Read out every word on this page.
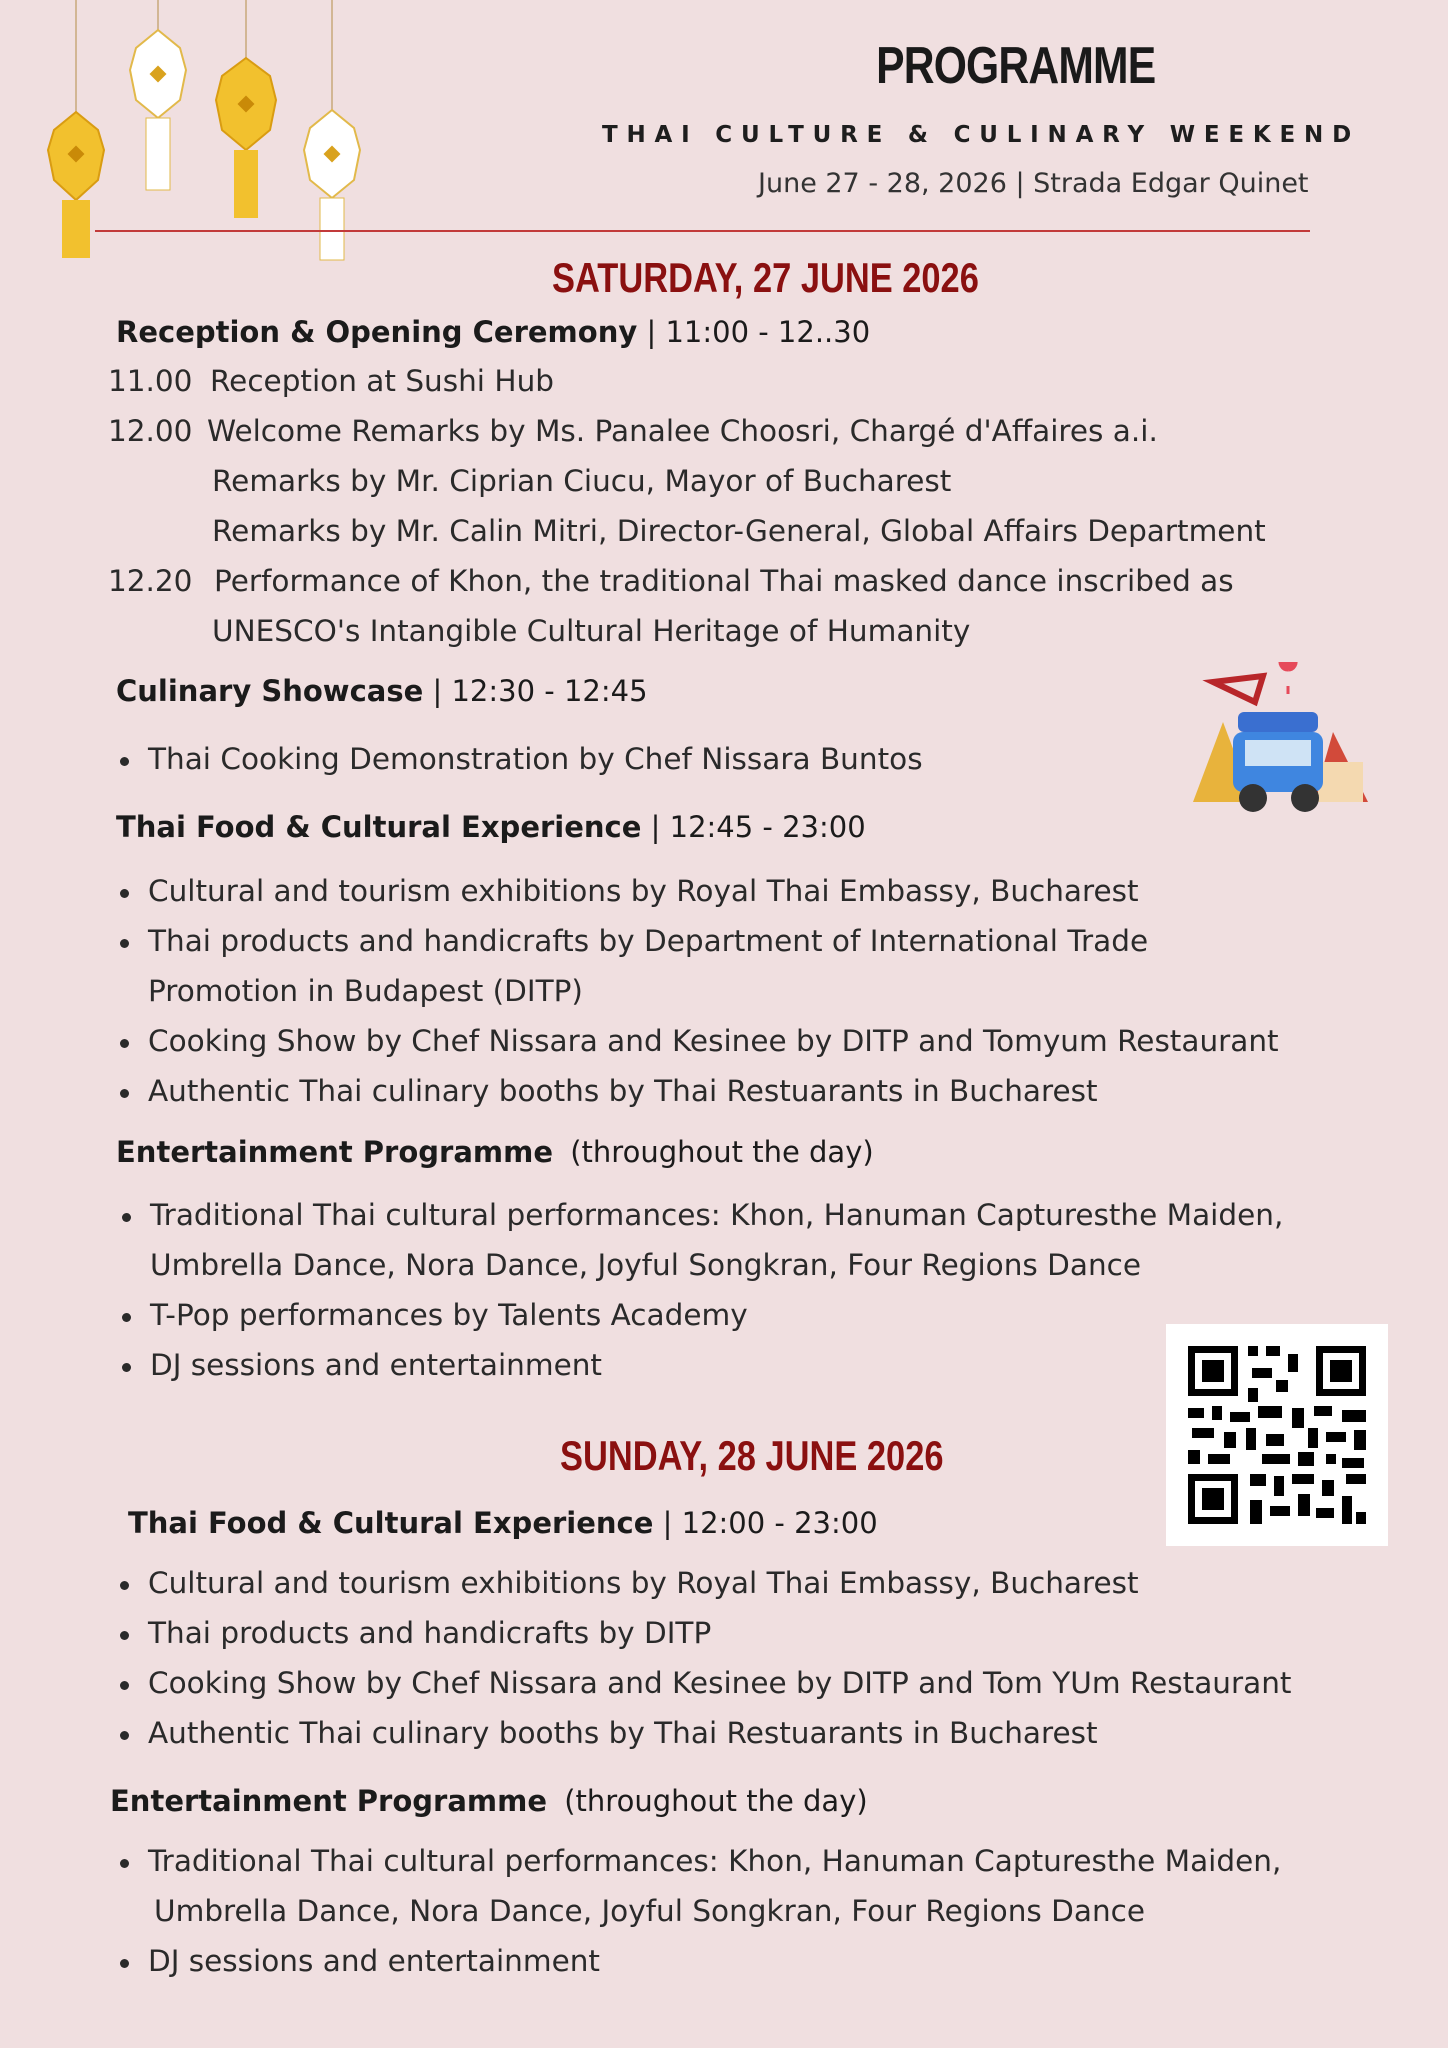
PROGRAMME
THAI CULTURE & CULINARY WEEKEND
June 27 - 28, 2026 | Strada Edgar Quinet
SATURDAY, 27 JUNE 2026
Reception & Opening Ceremony | 11:00 - 12..30
11.00 Reception at Sushi Hub
12.00 Welcome Remarks by Ms. Panalee Choosri, Chargé d'Affaires a.i.
Remarks by Mr. Ciprian Ciucu, Mayor of Bucharest
Remarks by Mr. Calin Mitri, Director-General, Global Affairs Department
12.20 Performance of Khon, the traditional Thai masked dance inscribed as
UNESCO's Intangible Cultural Heritage of Humanity
Culinary Showcase | 12:30 - 12:45
Thai Cooking Demonstration by Chef Nissara Buntos
Thai Food & Cultural Experience | 12:45 - 23:00
Cultural and tourism exhibitions by Royal Thai Embassy, Bucharest
Thai products and handicrafts by Department of International Trade
Promotion in Budapest (DITP)
Cooking Show by Chef Nissara and Kesinee by DITP and Tomyum Restaurant
Authentic Thai culinary booths by Thai Restuarants in Bucharest
Entertainment Programme (throughout the day)
Traditional Thai cultural performances: Khon, Hanuman Capturesthe Maiden,
Umbrella Dance, Nora Dance, Joyful Songkran, Four Regions Dance
T-Pop performances by Talents Academy
DJ sessions and entertainment
SUNDAY, 28 JUNE 2026
Thai Food & Cultural Experience | 12:00 - 23:00
Cultural and tourism exhibitions by Royal Thai Embassy, Bucharest
Thai products and handicrafts by DITP
Cooking Show by Chef Nissara and Kesinee by DITP and Tom YUm Restaurant
Authentic Thai culinary booths by Thai Restuarants in Bucharest
Entertainment Programme (throughout the day)
Traditional Thai cultural performances: Khon, Hanuman Capturesthe Maiden,
Umbrella Dance, Nora Dance, Joyful Songkran, Four Regions Dance
DJ sessions and entertainment
